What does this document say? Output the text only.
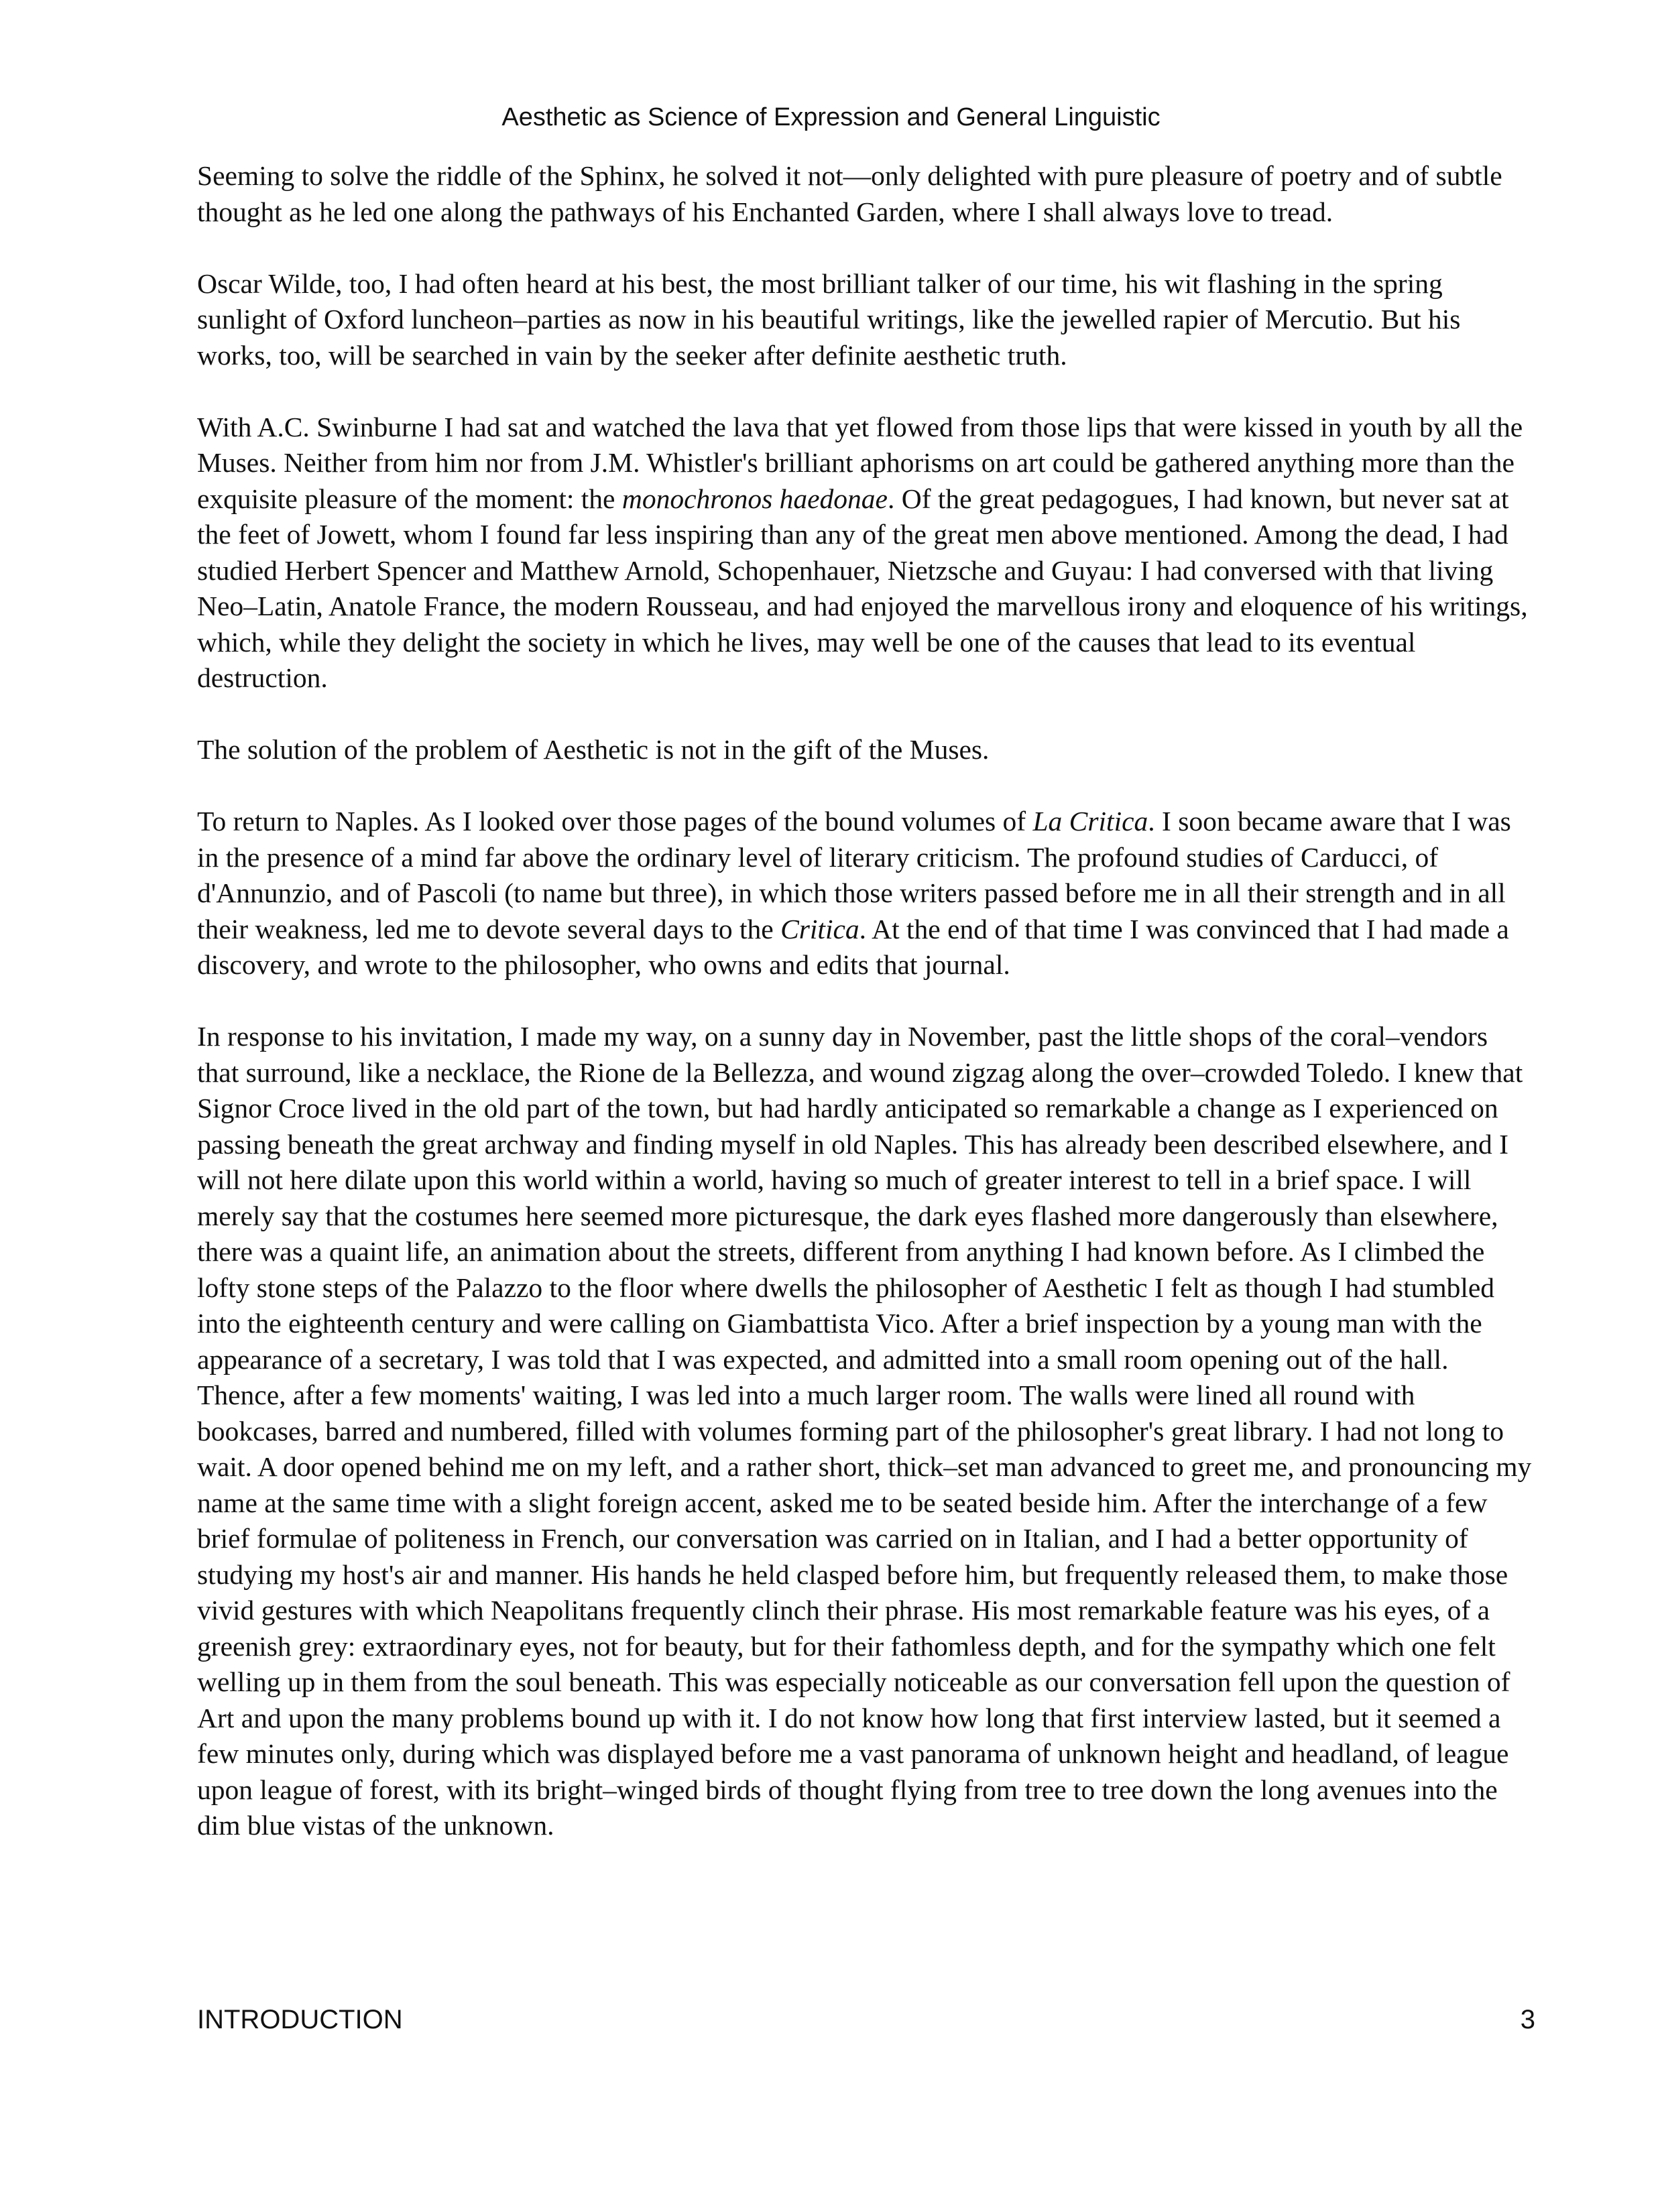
Aesthetic as Science of Expression and General Linguistic

Seeming to solve the riddle of the Sphinx, he solved it not—only delighted with pure pleasure of poetry and of subtle thought as he led one along the pathways of his Enchanted Garden, where I shall always love to tread.

Oscar Wilde, too, I had often heard at his best, the most brilliant talker of our time, his wit flashing in the spring sunlight of Oxford luncheon–parties as now in his beautiful writings, like the jewelled rapier of Mercutio. But his works, too, will be searched in vain by the seeker after definite aesthetic truth.

With A.C. Swinburne I had sat and watched the lava that yet flowed from those lips that were kissed in youth by all the Muses. Neither from him nor from J.M. Whistler's brilliant aphorisms on art could be gathered anything more than the exquisite pleasure of the moment: the monochronos haedonae. Of the great pedagogues, I had known, but never sat at the feet of Jowett, whom I found far less inspiring than any of the great men above mentioned. Among the dead, I had studied Herbert Spencer and Matthew Arnold, Schopenhauer, Nietzsche and Guyau: I had conversed with that living Neo–Latin, Anatole France, the modern Rousseau, and had enjoyed the marvellous irony and eloquence of his writings, which, while they delight the society in which he lives, may well be one of the causes that lead to its eventual destruction.

The solution of the problem of Aesthetic is not in the gift of the Muses.

To return to Naples. As I looked over those pages of the bound volumes of La Critica. I soon became aware that I was in the presence of a mind far above the ordinary level of literary criticism. The profound studies of Carducci, of d'Annunzio, and of Pascoli (to name but three), in which those writers passed before me in all their strength and in all their weakness, led me to devote several days to the Critica. At the end of that time I was convinced that I had made a discovery, and wrote to the philosopher, who owns and edits that journal.

In response to his invitation, I made my way, on a sunny day in November, past the little shops of the coral–vendors that surround, like a necklace, the Rione de la Bellezza, and wound zigzag along the over–crowded Toledo. I knew that Signor Croce lived in the old part of the town, but had hardly anticipated so remarkable a change as I experienced on passing beneath the great archway and finding myself in old Naples. This has already been described elsewhere, and I will not here dilate upon this world within a world, having so much of greater interest to tell in a brief space. I will merely say that the costumes here seemed more picturesque, the dark eyes flashed more dangerously than elsewhere, there was a quaint life, an animation about the streets, different from anything I had known before. As I climbed the lofty stone steps of the Palazzo to the floor where dwells the philosopher of Aesthetic I felt as though I had stumbled into the eighteenth century and were calling on Giambattista Vico. After a brief inspection by a young man with the appearance of a secretary, I was told that I was expected, and admitted into a small room opening out of the hall. Thence, after a few moments' waiting, I was led into a much larger room. The walls were lined all round with bookcases, barred and numbered, filled with volumes forming part of the philosopher's great library. I had not long to wait. A door opened behind me on my left, and a rather short, thick–set man advanced to greet me, and pronouncing my name at the same time with a slight foreign accent, asked me to be seated beside him. After the interchange of a few brief formulae of politeness in French, our conversation was carried on in Italian, and I had a better opportunity of studying my host's air and manner. His hands he held clasped before him, but frequently released them, to make those vivid gestures with which Neapolitans frequently clinch their phrase. His most remarkable feature was his eyes, of a greenish grey: extraordinary eyes, not for beauty, but for their fathomless depth, and for the sympathy which one felt welling up in them from the soul beneath. This was especially noticeable as our conversation fell upon the question of Art and upon the many problems bound up with it. I do not know how long that first interview lasted, but it seemed a few minutes only, during which was displayed before me a vast panorama of unknown height and headland, of league upon league of forest, with its bright–winged birds of thought flying from tree to tree down the long avenues into the dim blue vistas of the unknown.

INTRODUCTION	3
